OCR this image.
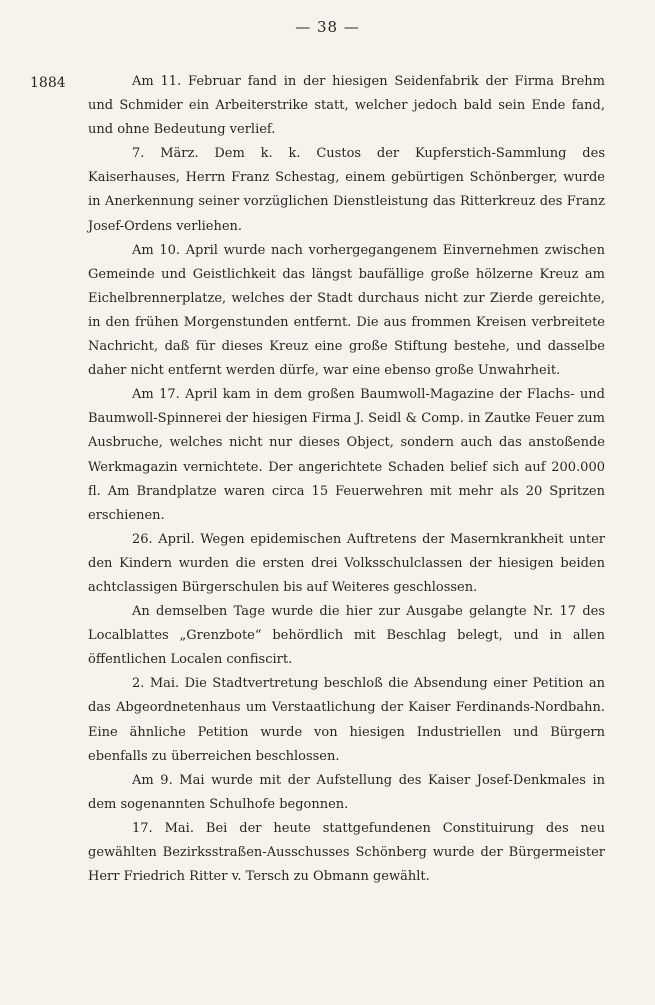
— 38 —
1884	Am 11. Februar fand in der hiesigen Seidenfabrik der Firma Brehm und Schmider ein Arbeiterstrike statt, welcher jedoch bald sein Ende fand, und ohne Bedeutung verlief.

7. März. Dem k. k. Custos der Kupferstich-Sammlung des Kaiserhauses, Herrn Franz Schestag, einem gebürtigen Schönberger, wurde in Anerkennung seiner vorzüglichen Dienstleistung das Ritterkreuz des Franz Josef-Ordens verliehen.

Am 10. April wurde nach vorhergegangenem Einvernehmen zwischen Gemeinde und Geistlichkeit das längst baufällige große hölzerne Kreuz am Eichelbrennerplatze, welches der Stadt durchaus nicht zur Zierde gereichte, in den frühen Morgenstunden entfernt. Die aus frommen Kreisen verbreitete Nachricht, daß für dieses Kreuz eine große Stiftung bestehe, und dasselbe daher nicht entfernt werden dürfe, war eine ebenso große Unwahrheit.

Am 17. April kam in dem großen Baumwoll-Magazine der Flachs- und Baumwoll-Spinnerei der hiesigen Firma J. Seidl & Comp. in Zautke Feuer zum Ausbruche, welches nicht nur dieses Object, sondern auch das anstoßende Werkmagazin vernichtete. Der angerichtete Schaden belief sich auf 200.000 fl. Am Brandplatze waren circa 15 Feuerwehren mit mehr als 20 Spritzen erschienen.

26. April. Wegen epidemischen Auftretens der Masernkrankheit unter den Kindern wurden die ersten drei Volksschulclassen der hiesigen beiden achtclassigen Bürgerschulen bis auf Weiteres geschlossen.

An demselben Tage wurde die hier zur Ausgabe gelangte Nr. 17 des Localblattes „Grenzbote“ behördlich mit Beschlag belegt, und in allen öffentlichen Localen confiscirt.

2. Mai. Die Stadtvertretung beschloß die Absendung einer Petition an das Abgeordnetenhaus um Verstaatlichung der Kaiser Ferdinands-Nordbahn. Eine ähnliche Petition wurde von hiesigen Industriellen und Bürgern ebenfalls zu überreichen beschlossen.

Am 9. Mai wurde mit der Aufstellung des Kaiser Josef-Denkmales in dem sogenannten Schulhofe begonnen.

17. Mai. Bei der heute stattgefundenen Constituirung des neu gewählten Bezirksstraßen-Ausschusses Schönberg wurde der Bürgermeister Herr Friedrich Ritter v. Tersch zu Obmann gewählt.
